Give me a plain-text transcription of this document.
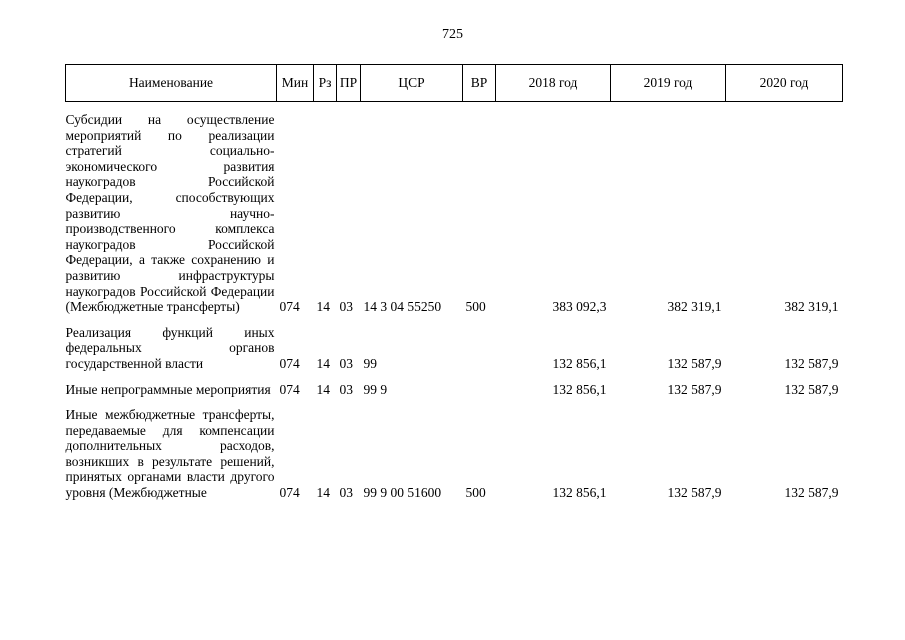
725
Наименование	Мин	Рз	ПР	ЦСР	ВР	2018 год	2019 год	2020 год

Субсидии на осуществление мероприятий по реализации стратегий социально-экономического развития наукоградов Российской Федерации, способствующих развитию научно-производственного комплекса наукоградов Российской Федерации, а также сохранению и развитию инфраструктуры наукоградов Российской Федерации (Межбюджетные трансферты)	074	14	03	14 3 04 55250	500	383 092,3	382 319,1	382 319,1

Реализация функций иных федеральных органов государственной власти	074	14	03	99		132 856,1	132 587,9	132 587,9

Иные непрограммные мероприятия	074	14	03	99 9		132 856,1	132 587,9	132 587,9

Иные межбюджетные трансферты, передаваемые для компенсации дополнительных расходов, возникших в результате решений, принятых органами власти другого уровня (Межбюджетные	074	14	03	99 9 00 51600	500	132 856,1	132 587,9	132 587,9
